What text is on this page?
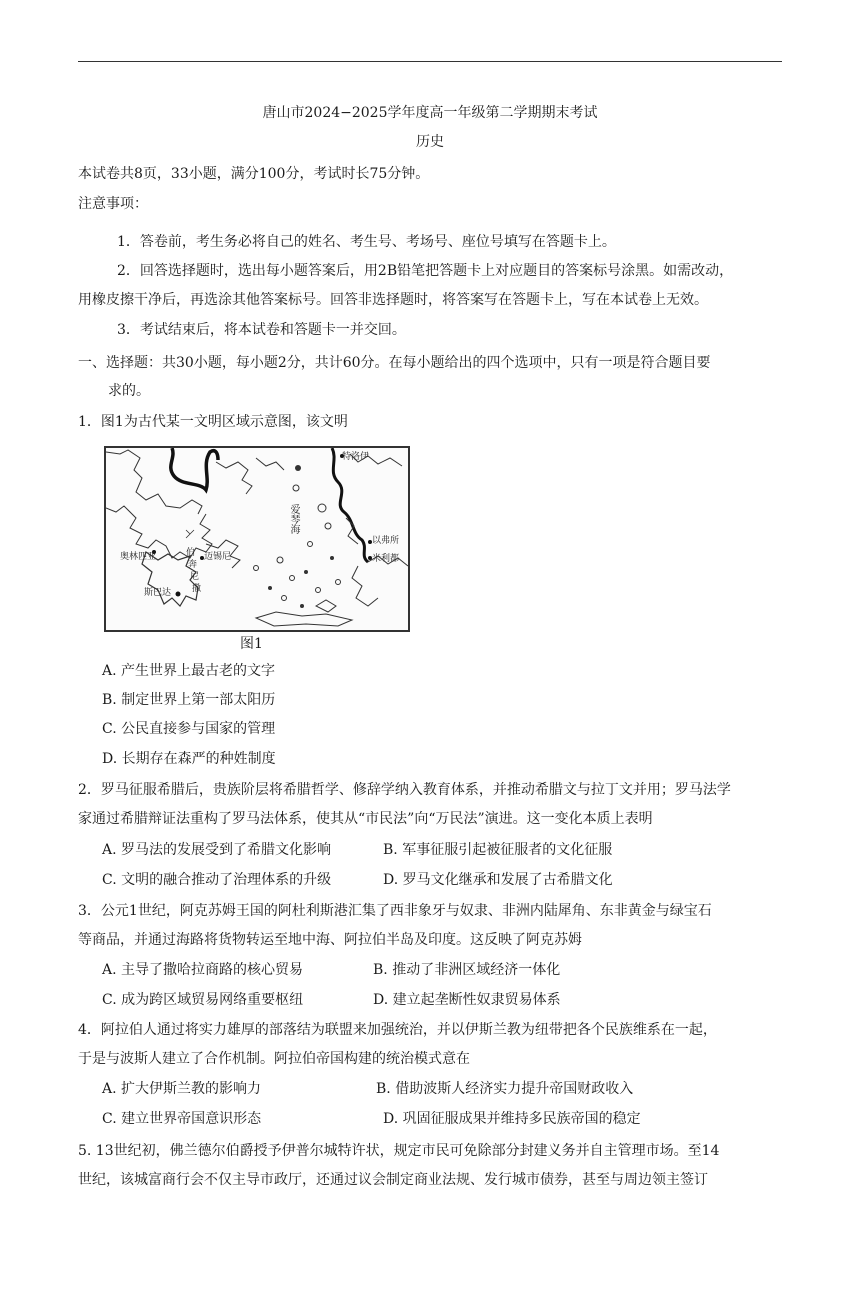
唐山市2024−2025学年度高一年级第二学期期末考试
历史
本试卷共8页，33小题，满分100分，考试时长75分钟。
注意事项：
1．答卷前，考生务必将自己的姓名、考生号、考场号、座位号填写在答题卡上。
2．回答选择题时，选出每小题答案后，用2B铅笔把答题卡上对应题目的答案标号涂黑。如需改动，
用橡皮擦干净后，再选涂其他答案标号。回答非选择题时，将答案写在答题卡上，写在本试卷上无效。
3．考试结束后，将本试卷和答题卡一并交回。
一、选择题：共30小题，每小题2分，共计60分。在每小题给出的四个选项中，只有一项是符合题目要
求的。
1．图1为古代某一文明区域示意图，该文明
特洛伊
爱琴海
奥林匹亚	迈锡尼
斯巴达
以弗所
米利都
伯
奔
尼
撒
图1
A. 产生世界上最古老的文字
B. 制定世界上第一部太阳历
C. 公民直接参与国家的管理
D. 长期存在森严的种姓制度
2．罗马征服希腊后，贵族阶层将希腊哲学、修辞学纳入教育体系，并推动希腊文与拉丁文并用；罗马法学
家通过希腊辩证法重构了罗马法体系，使其从“市民法”向“万民法”演进。这一变化本质上表明
A. 罗马法的发展受到了希腊文化影响	B. 军事征服引起被征服者的文化征服
C. 文明的融合推动了治理体系的升级	D. 罗马文化继承和发展了古希腊文化
3．公元1世纪，阿克苏姆王国的阿杜利斯港汇集了西非象牙与奴隶、非洲内陆犀角、东非黄金与绿宝石
等商品，并通过海路将货物转运至地中海、阿拉伯半岛及印度。这反映了阿克苏姆
A. 主导了撒哈拉商路的核心贸易	B. 推动了非洲区域经济一体化
C. 成为跨区域贸易网络重要枢纽	D. 建立起垄断性奴隶贸易体系
4．阿拉伯人通过将实力雄厚的部落结为联盟来加强统治，并以伊斯兰教为纽带把各个民族维系在一起，
于是与波斯人建立了合作机制。阿拉伯帝国构建的统治模式意在
A. 扩大伊斯兰教的影响力	B. 借助波斯人经济实力提升帝国财政收入
C. 建立世界帝国意识形态	D. 巩固征服成果并维持多民族帝国的稳定
5. 13世纪初，佛兰德尔伯爵授予伊普尔城特许状，规定市民可免除部分封建义务并自主管理市场。至14
世纪，该城富商行会不仅主导市政厅，还通过议会制定商业法规、发行城市债券，甚至与周边领主签订
